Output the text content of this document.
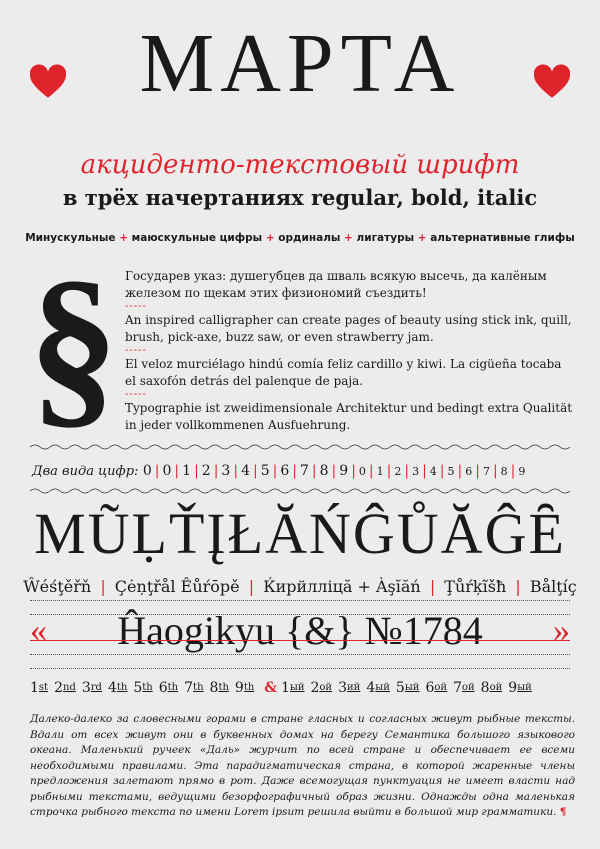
МАРТА
акциденто-текстовый шрифт
в трёх начертаниях regular, bold, italic
Минускульные + маюскульные цифры + ординалы + лигатуры + альтернативные глифы
§ Государев указ: душегубцев да шваль всякую высечь, да калёным железом по щекам этих физиономий съездить!

-----

An inspired calligrapher can create pages of beauty using stick ink, quill, brush, pick-axe, buzz saw, or even strawberry jam.

-----

El veloz murciélago hindú comía feliz cardillo y kiwi. La cigüeña tocaba el saxofón detrás del palenque de paja.

-----

Typographie ist zweidimensionale Architektur und bedingt extra Qualität in jeder vollkommenen Ausfuehrung.

Два вида цифр: 0 | 0 | 1 | 2 | 3 | 4 | 5 | 6 | 7 | 8 | 9 | 0 | 1 | 2 | 3 | 4 | 5 | 6 | 7 | 8 | 9
MŨḶŤĮŁĂŃĜŮĂĜȆ
Ŵéśţěřň | Çėņţřål Êůŕōpě | Ќирйлліцă + Àşĭăń | Ţůŕķĩšħ | Bålţíç
«	Ĥaogikyu {&} №1784	»
1st 2nd 3rd 4th 5th 6th 7th 8th 9th & $1^{ый}$ $2^{ой}$ $3^{ий}$ $4^{ый}$ $5^{ый}$ $6^{ой}$ $7^{ой}$ $8^{ой}$ $9^{ый}$
Далеко-далеко за словесными горами в стране гласных и согласных живут рыбные тексты. Вдали от всех живут они в буквенных домах на берегу Семантика большого языкового океана. Маленький ручеек «Даль» журчит по всей стране и обеспечивает ее всеми необходимыми правилами. Эта парадигматическая страна, в которой жаренные члены предложения залетают прямо в рот. Даже всемогущая пунктуация не имеет власти над рыбными текстами, ведущими безорфографичный образ жизни. Однажды одна маленькая строчка рыбного текста по имени Lorem ipsum решила выйти в большой мир грамматики. ¶
